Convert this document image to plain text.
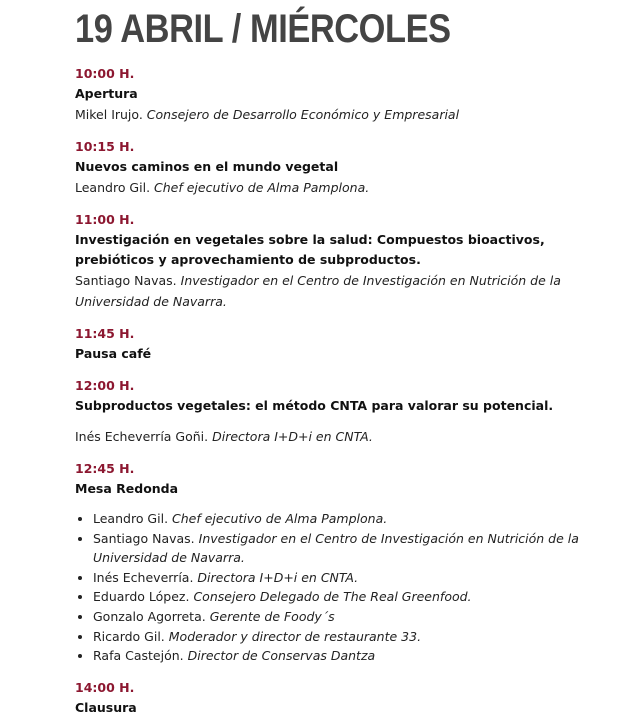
19 ABRIL / MIÉRCOLES
10:00 H.
Apertura
Mikel Irujo. Consejero de Desarrollo Económico y Empresarial
10:15 H.
Nuevos caminos en el mundo vegetal
Leandro Gil. Chef ejecutivo de Alma Pamplona.
11:00 H.
Investigación en vegetales sobre la salud: Compuestos bioactivos, prebióticos y aprovechamiento de subproductos.
Santiago Navas. Investigador en el Centro de Investigación en Nutrición de la Universidad de Navarra.
11:45 H.
Pausa café
12:00 H.
Subproductos vegetales: el método CNTA para valorar su potencial.
Inés Echeverría Goñi. Directora I+D+i en CNTA.
12:45 H.
Mesa Redonda
• Leandro Gil. Chef ejecutivo de Alma Pamplona.
• Santiago Navas. Investigador en el Centro de Investigación en Nutrición de la Universidad de Navarra.
• Inés Echeverría. Directora I+D+i en CNTA.
• Eduardo López. Consejero Delegado de The Real Greenfood.
• Gonzalo Agorreta. Gerente de Foody´s
• Ricardo Gil. Moderador y director de restaurante 33.
• Rafa Castejón. Director de Conservas Dantza
14:00 H.
Clausura
